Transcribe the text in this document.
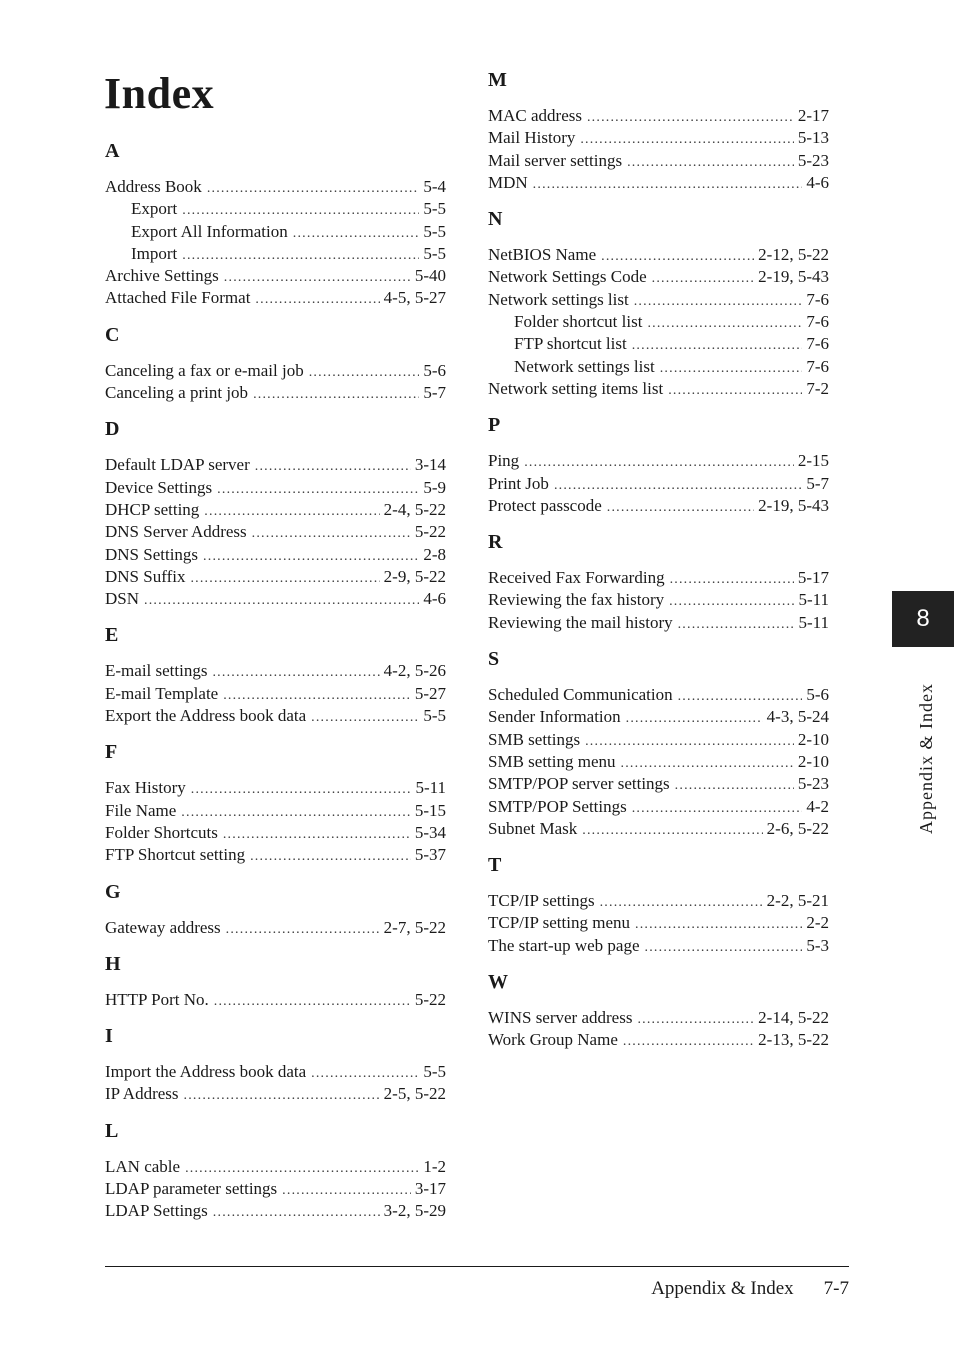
Index
A
Address Book .....	5-4
Export .....	5-5
Export All Information .....	5-5
Import .....	5-5
Archive Settings .....	5-40
Attached File Format .....	4-5, 5-27
C
Canceling a fax or e-mail job .....	5-6
Canceling a print job .....	5-7
D
Default LDAP server .....	3-14
Device Settings .....	5-9
DHCP setting .....	2-4, 5-22
DNS Server Address .....	5-22
DNS Settings .....	2-8
DNS Suffix .....	2-9, 5-22
DSN .....	4-6
E
E-mail settings .....	4-2, 5-26
E-mail Template .....	5-27
Export the Address book data .....	5-5
F
Fax History .....	5-11
File Name .....	5-15
Folder Shortcuts .....	5-34
FTP Shortcut setting .....	5-37
G
Gateway address .....	2-7, 5-22
H
HTTP Port No. .....	5-22
I
Import the Address book data .....	5-5
IP Address .....	2-5, 5-22
L
LAN cable .....	1-2
LDAP parameter settings .....	3-17
LDAP Settings .....	3-2, 5-29
M
MAC address .....	2-17
Mail History .....	5-13
Mail server settings .....	5-23
MDN .....	4-6
N
NetBIOS Name .....	2-12, 5-22
Network Settings Code .....	2-19, 5-43
Network settings list .....	7-6
Folder shortcut list .....	7-6
FTP shortcut list .....	7-6
Network settings list .....	7-6
Network setting items list .....	7-2
P
Ping .....	2-15
Print Job .....	5-7
Protect passcode .....	2-19, 5-43
R
Received Fax Forwarding .....	5-17
Reviewing the fax history .....	5-11
Reviewing the mail history .....	5-11
S
Scheduled Communication .....	5-6
Sender Information .....	4-3, 5-24
SMB settings .....	2-10
SMB setting menu .....	2-10
SMTP/POP server settings .....	5-23
SMTP/POP Settings .....	4-2
Subnet Mask .....	2-6, 5-22
T
TCP/IP settings .....	2-2, 5-21
TCP/IP setting menu .....	2-2
The start-up web page .....	5-3
W
WINS server address .....	2-14, 5-22
Work Group Name .....	2-13, 5-22
8
Appendix & Index
Appendix & Index 7-7
